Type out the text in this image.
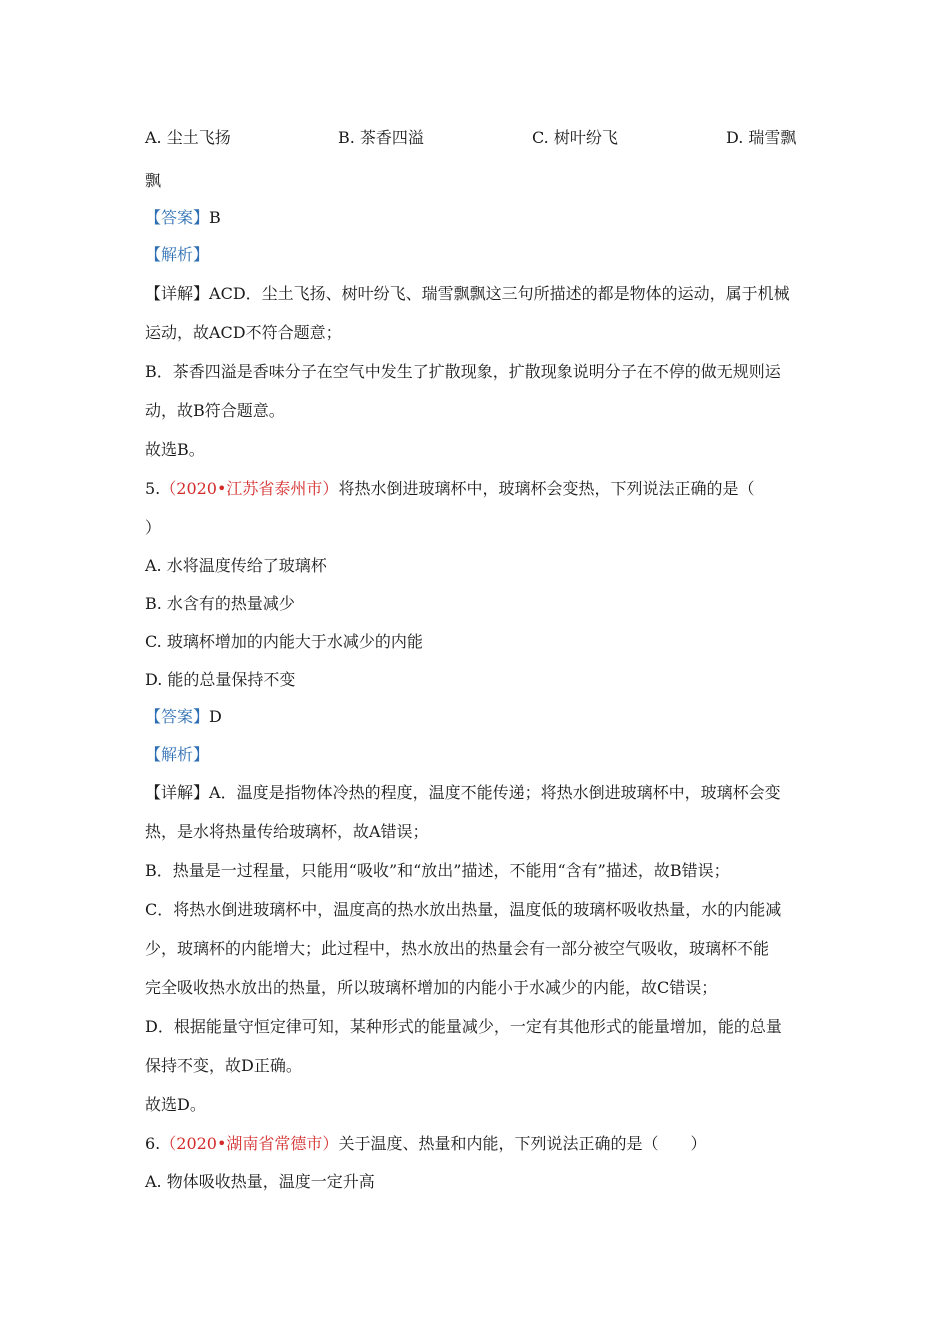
A. 尘土飞扬	B. 茶香四溢	C. 树叶纷飞	D. 瑞雪飘
飘
【答案】B
【解析】
【详解】ACD．尘土飞扬、树叶纷飞、瑞雪飘飘这三句所描述的都是物体的运动，属于机械
运动，故ACD不符合题意；
B．茶香四溢是香味分子在空气中发生了扩散现象，扩散现象说明分子在不停的做无规则运
动，故B符合题意。
故选B。
5.（2020•江苏省泰州市）将热水倒进玻璃杯中，玻璃杯会变热，下列说法正确的是（
）
A. 水将温度传给了玻璃杯
B. 水含有的热量减少
C. 玻璃杯增加的内能大于水减少的内能
D. 能的总量保持不变
【答案】D
【解析】
【详解】A．温度是指物体冷热的程度，温度不能传递；将热水倒进玻璃杯中，玻璃杯会变
热，是水将热量传给玻璃杯，故A错误；
B．热量是一过程量，只能用“吸收”和“放出”描述，不能用“含有”描述，故B错误；
C．将热水倒进玻璃杯中，温度高的热水放出热量，温度低的玻璃杯吸收热量，水的内能减
少，玻璃杯的内能增大；此过程中，热水放出的热量会有一部分被空气吸收，玻璃杯不能
完全吸收热水放出的热量，所以玻璃杯增加的内能小于水减少的内能，故C错误；
D．根据能量守恒定律可知，某种形式的能量减少，一定有其他形式的能量增加，能的总量
保持不变，故D正确。
故选D。
6.（2020•湖南省常德市）关于温度、热量和内能，下列说法正确的是（　　）
A. 物体吸收热量，温度一定升高
